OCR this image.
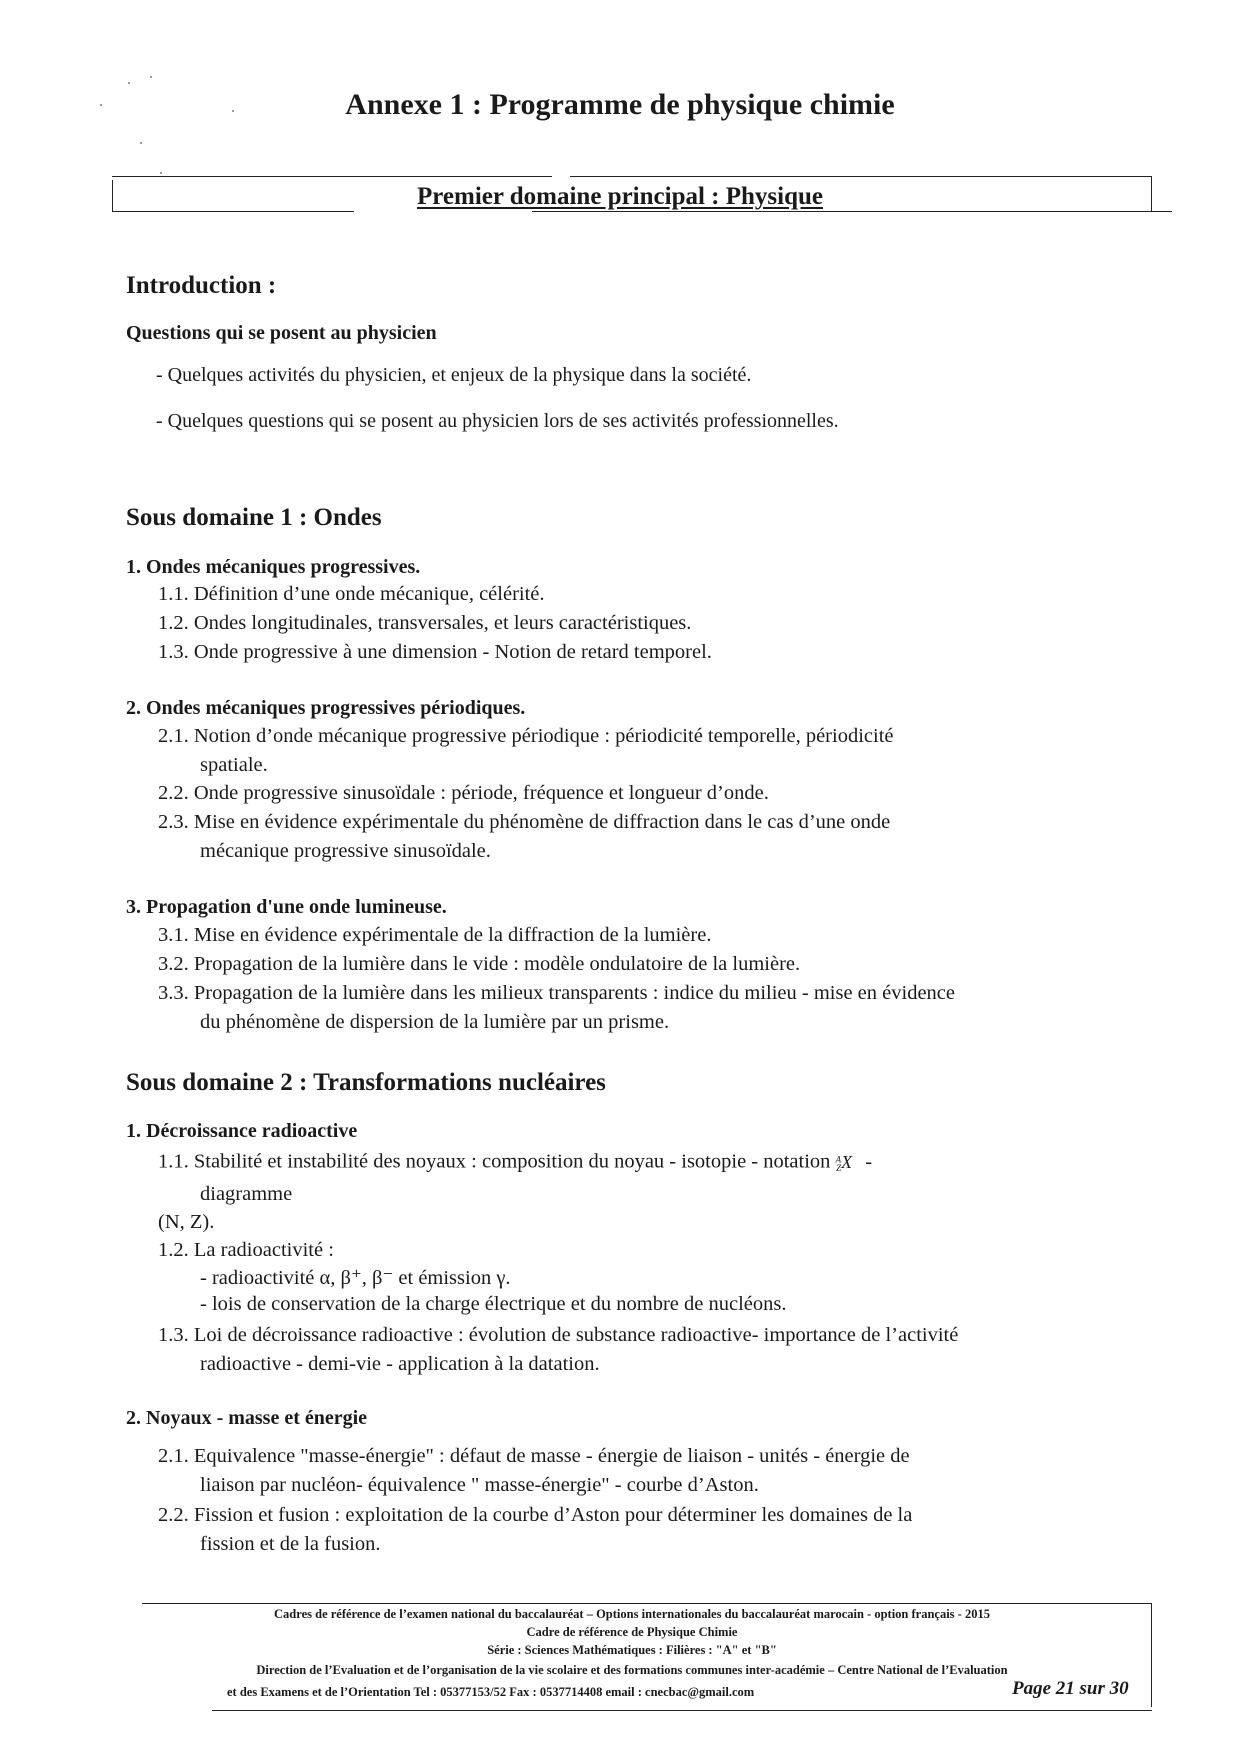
Annexe 1 : Programme de physique chimie
Premier domaine principal : Physique
Introduction :
Questions qui se posent au physicien
- Quelques activités du physicien, et enjeux de la physique dans la société.
- Quelques questions qui se posent au physicien lors de ses activités professionnelles.
Sous domaine 1 : Ondes
1. Ondes mécaniques progressives.
1.1. Définition d’une onde mécanique, célérité.
1.2. Ondes longitudinales, transversales, et leurs caractéristiques.
1.3. Onde progressive à une dimension - Notion de retard temporel.
2. Ondes mécaniques progressives périodiques.
2.1. Notion d’onde mécanique progressive périodique : périodicité temporelle, périodicité
spatiale.
2.2. Onde progressive sinusoïdale : période, fréquence et longueur d’onde.
2.3. Mise en évidence expérimentale du phénomène de diffraction dans le cas d’une onde
mécanique progressive sinusoïdale.
3. Propagation d'une onde lumineuse.
3.1. Mise en évidence expérimentale de la diffraction de la lumière.
3.2. Propagation de la lumière dans le vide : modèle ondulatoire de la lumière.
3.3. Propagation de la lumière dans les milieux transparents : indice du milieu - mise en évidence
du phénomène de dispersion de la lumière par un prisme.
Sous domaine 2 : Transformations nucléaires
1. Décroissance radioactive
1.1. Stabilité et instabilité des noyaux : composition du noyau - isotopie - notation $^A_Z$X -
diagramme
(N, Z).
1.2. La radioactivité :
- radioactivité α, β⁺, β⁻ et émission γ.
- lois de conservation de la charge électrique et du nombre de nucléons.
1.3. Loi de décroissance radioactive : évolution de substance radioactive- importance de l’activité
radioactive - demi-vie - application à la datation.
2. Noyaux - masse et énergie
2.1. Equivalence "masse-énergie" : défaut de masse - énergie de liaison - unités - énergie de
liaison par nucléon- équivalence " masse-énergie" - courbe d’Aston.
2.2. Fission et fusion : exploitation de la courbe d’Aston pour déterminer les domaines de la
fission et de la fusion.
Cadres de référence de l’examen national du baccalauréat – Options internationales du baccalauréat marocain - option français - 2015
Cadre de référence de Physique Chimie
Série : Sciences Mathématiques : Filières : "A" et "B"
Direction de l’Evaluation et de l’organisation de la vie scolaire et des formations communes inter-académie – Centre National de l’Evaluation
et des Examens et de l’Orientation Tel : 05377153/52 Fax : 0537714408 email : cnecbac@gmail.com	Page 21 sur 30
